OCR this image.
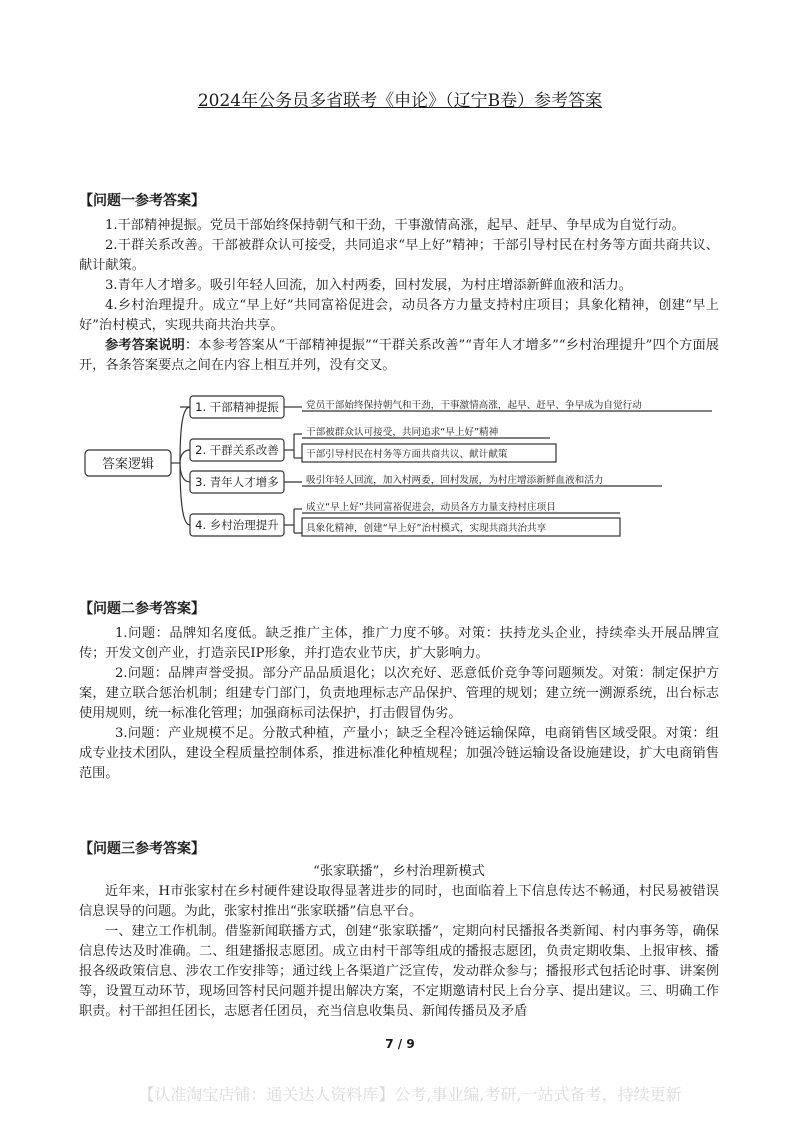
2024年公务员多省联考《申论》（辽宁B卷）参考答案
【问题一参考答案】
1.干部精神提振。党员干部始终保持朝气和干劲，干事激情高涨，起早、赶早、争早成为自觉行动。
2.干群关系改善。干部被群众认可接受，共同追求“早上好”精神；干部引导村民在村务等方面共商共议、献计献策。
3.青年人才增多。吸引年轻人回流，加入村两委，回村发展，为村庄增添新鲜血液和活力。
4.乡村治理提升。成立“早上好”共同富裕促进会，动员各方力量支持村庄项目；具象化精神，创建“早上好”治村模式，实现共商共治共享。
参考答案说明：本参考答案从“干部精神提振”“干群关系改善”“青年人才增多”“乡村治理提升”四个方面展开，各条答案要点之间在内容上相互并列，没有交叉。
答案逻辑
1. 干部精神提振
2. 干群关系改善
3. 青年人才增多
4. 乡村治理提升
党员干部始终保持朝气和干劲，干事激情高涨，起早、赶早、争早成为自觉行动
干部被群众认可接受，共同追求“早上好”精神
干部引导村民在村务等方面共商共议、献计献策
吸引年轻人回流，加入村两委，回村发展，为村庄增添新鲜血液和活力
成立“早上好”共同富裕促进会，动员各方力量支持村庄项目
具象化精神，创建“早上好”治村模式，实现共商共治共享
【问题二参考答案】
1.问题：品牌知名度低。缺乏推广主体，推广力度不够。对策：扶持龙头企业，持续牵头开展品牌宣传；开发文创产业，打造亲民IP形象，并打造农业节庆，扩大影响力。
2.问题：品牌声誉受损。部分产品品质退化；以次充好、恶意低价竞争等问题频发。对策：制定保护方案，建立联合惩治机制；组建专门部门，负责地理标志产品保护、管理的规划；建立统一溯源系统，出台标志使用规则，统一标准化管理；加强商标司法保护，打击假冒伪劣。
3.问题：产业规模不足。分散式种植，产量小；缺乏全程冷链运输保障，电商销售区域受限。对策：组成专业技术团队，建设全程质量控制体系，推进标准化种植规程；加强冷链运输设备设施建设，扩大电商销售范围。
【问题三参考答案】
“张家联播”，乡村治理新模式
近年来，H市张家村在乡村硬件建设取得显著进步的同时，也面临着上下信息传达不畅通，村民易被错误信息误导的问题。为此，张家村推出“张家联播”信息平台。
一、建立工作机制。借鉴新闻联播方式，创建“张家联播”，定期向村民播报各类新闻、村内事务等，确保信息传达及时准确。二、组建播报志愿团。成立由村干部等组成的播报志愿团，负责定期收集、上报审核、播报各级政策信息、涉农工作安排等；通过线上各渠道广泛宣传，发动群众参与；播报形式包括论时事、讲案例等，设置互动环节，现场回答村民问题并提出解决方案，不定期邀请村民上台分享、提出建议。三、明确工作职责。村干部担任团长，志愿者任团员，充当信息收集员、新闻传播员及矛盾
7 / 9
【认准淘宝店铺：通关达人资料库】公考,事业编,考研,一站式备考，持续更新
